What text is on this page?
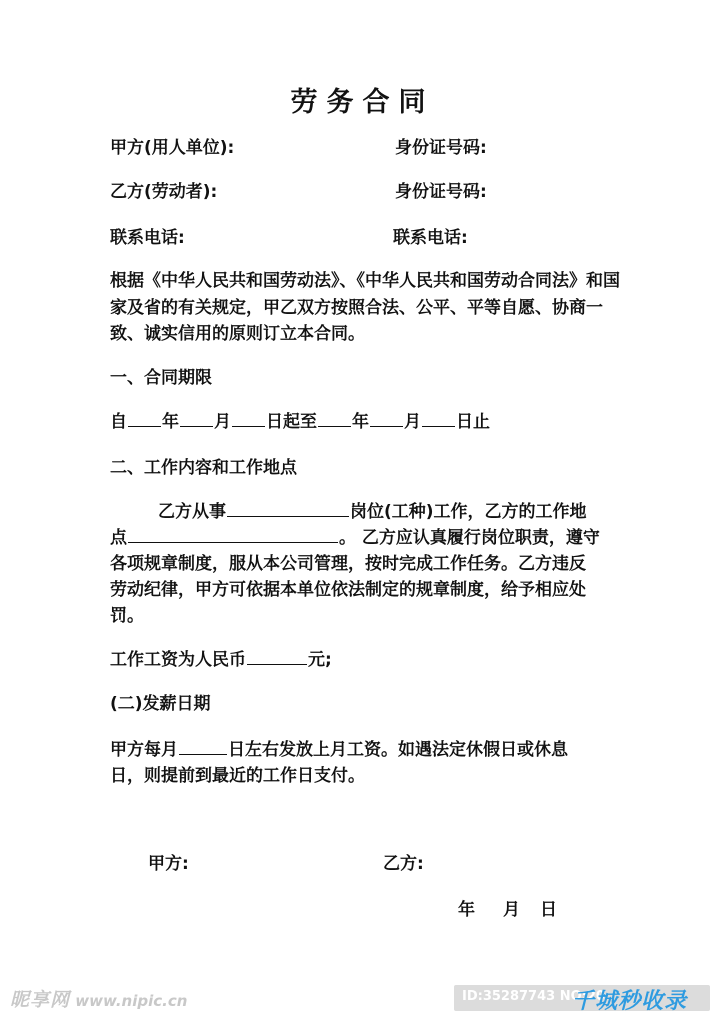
劳务合同
甲方(用人单位):	身份证号码:
乙方(劳动者):	身份证号码:
联系电话:	联系电话:
根据《中华人民共和国劳动法》、《中华人民共和国劳动合同法》和国家及省的有关规定，甲乙双方按照合法、公平、平等自愿、协商一致、诚实信用的原则订立本合同。
一、合同期限
自 年 月 日起至 年 月 日止
二、工作内容和工作地点
乙方从事	岗位(工种)工作，乙方的工作地
点	。 乙方应认真履行岗位职责，遵守
各项规章制度，服从本公司管理，按时完成工作任务。乙方违反
劳动纪律，甲方可依据本单位依法制定的规章制度，给予相应处
罚。
工作工资为人民币	元;
(二)发薪日期
甲方每月	日左右发放上月工资。如遇法定休假日或休息
日，则提前到最近的工作日支付。
甲方:	乙方:
年 月 日
昵享网 www.nipic.cn	ID:35287743 NO:20
千城秒收录
